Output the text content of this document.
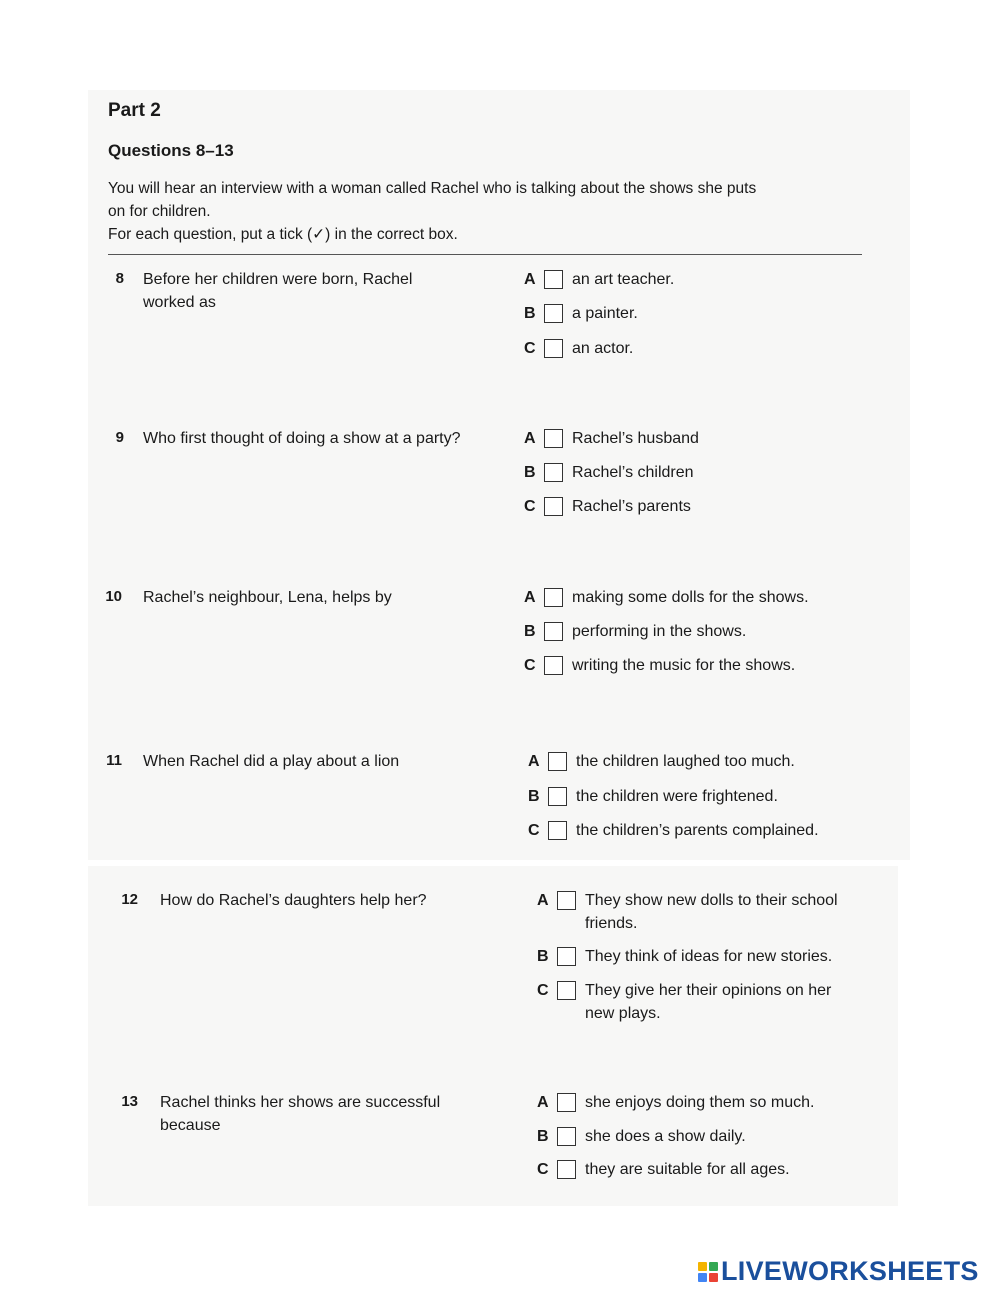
Part 2
Questions 8–13
You will hear an interview with a woman called Rachel who is talking about the shows she puts
on for children.
For each question, put a tick (✓) in the correct box.
8 Before her children were born, Rachel
worked as
A an art teacher.
B a painter.
C an actor.
9 Who first thought of doing a show at a party?	A Rachel’s husband
B Rachel’s children
C Rachel’s parents
10 Rachel’s neighbour, Lena, helps by	A making some dolls for the shows.
B performing in the shows.
C writing the music for the shows.
11 When Rachel did a play about a lion	A the children laughed too much.
B the children were frightened.
C the children’s parents complained.
12 How do Rachel’s daughters help her?	A They show new dolls to their school
friends.
B They think of ideas for new stories.
C They give her their opinions on her
new plays.
13 Rachel thinks her shows are successful
because
A she enjoys doing them so much.
B she does a show daily.
C they are suitable for all ages.
LIVEWORKSHEETS
